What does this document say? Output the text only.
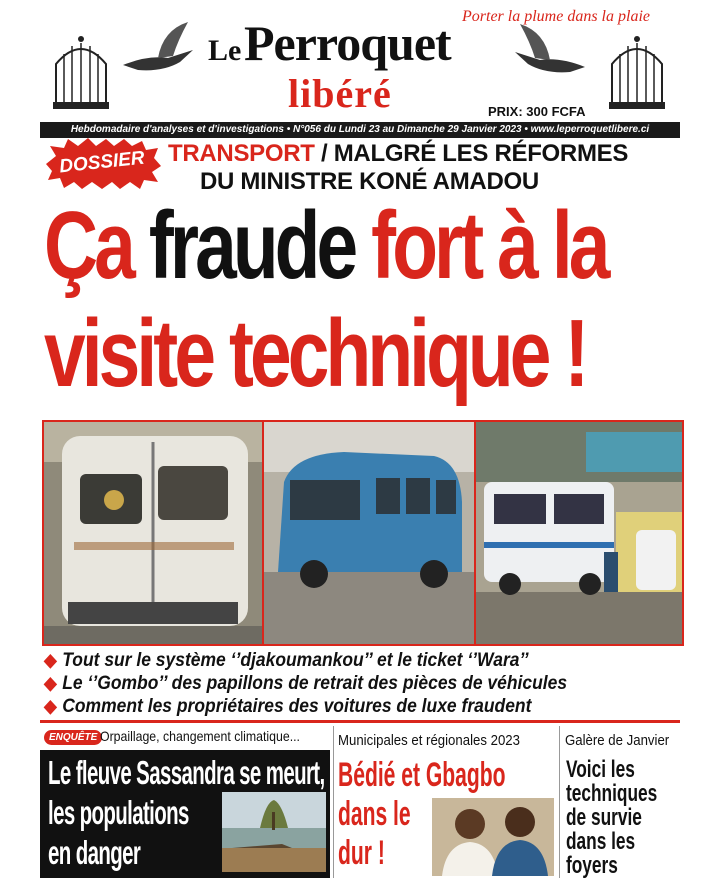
Le Perroquet
libéré
Porter la plume dans la plaie
PRIX: 300 FCFA
Hebdomadaire d'analyses et d'investigations • N°056 du Lundi 23 au Dimanche 29 Janvier 2023 • www.leperroquetlibere.ci
DOSSIER TRANSPORT / MALGRÉ LES RÉFORMES
DU MINISTRE KONÉ AMADOU
Ça fraude fort à la
visite technique !
◆ Tout sur le système ‘’djakoumankou’’ et le ticket ‘’Wara’’
◆ Le ‘’Gombo’’ des papillons de retrait des pièces de véhicules
◆ Comment les propriétaires des voitures de luxe fraudent
ENQUÊTE Orpaillage, changement climatique...
Le fleuve Sassandra se meurt,
les populations
en danger
Municipales et régionales 2023
Bédié et Gbagbo
dans le
dur !
Galère de Janvier
Voici les
techniques
de survie
dans les
foyers
